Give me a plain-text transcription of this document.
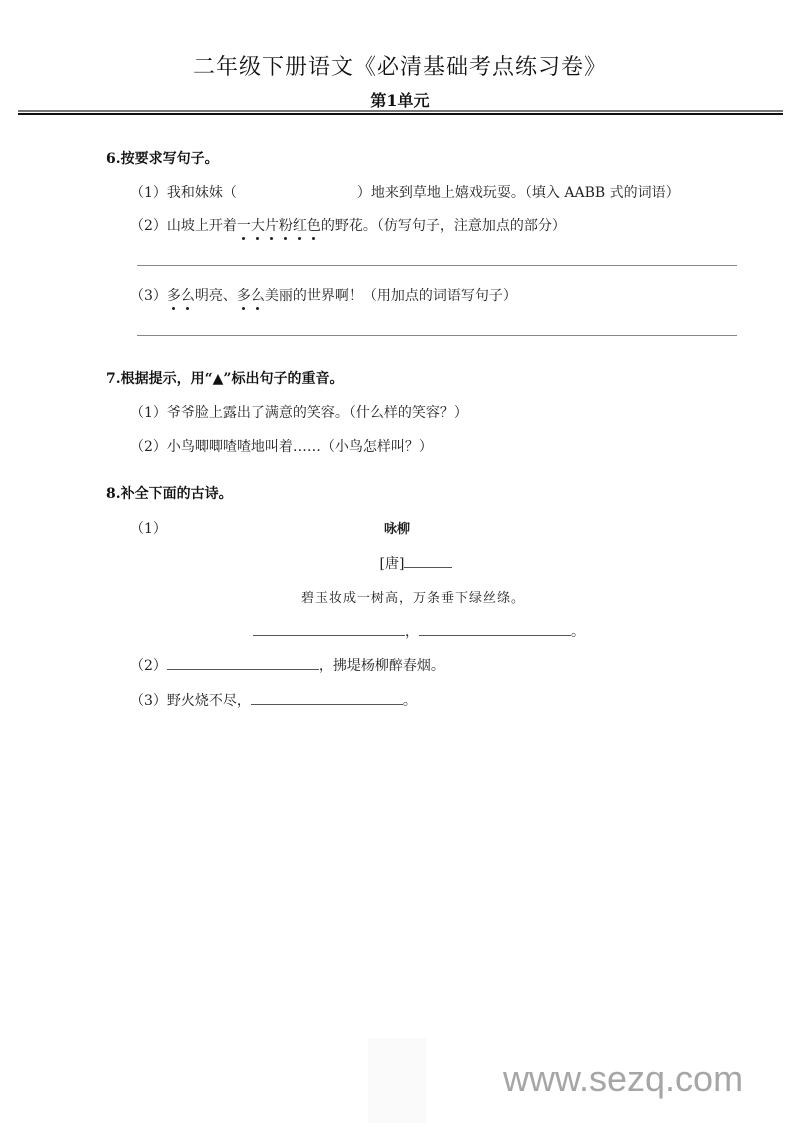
二年级下册语文《必清基础考点练习卷》
第1单元
6.按要求写句子。
（1）我和妹妹（	）地来到草地上嬉戏玩耍。（填入 AABB 式的词语）
（2）山坡上开着一大片粉红色的野花。（仿写句子，注意加点的部分）
（3）多么明亮、多么美丽的世界啊！（用加点的词语写句子）
7.根据提示，用“▲”标出句子的重音。
（1）爷爷脸上露出了满意的笑容。（什么样的笑容？）
（2）小鸟唧唧喳喳地叫着……（小鸟怎样叫？）
8.补全下面的古诗。
（1）	咏柳
[唐]
碧玉妆成一树高，万条垂下绿丝绦。
，	。
（2）	，拂堤杨柳醉春烟。
（3）野火烧不尽，	。
www.sezq.com
